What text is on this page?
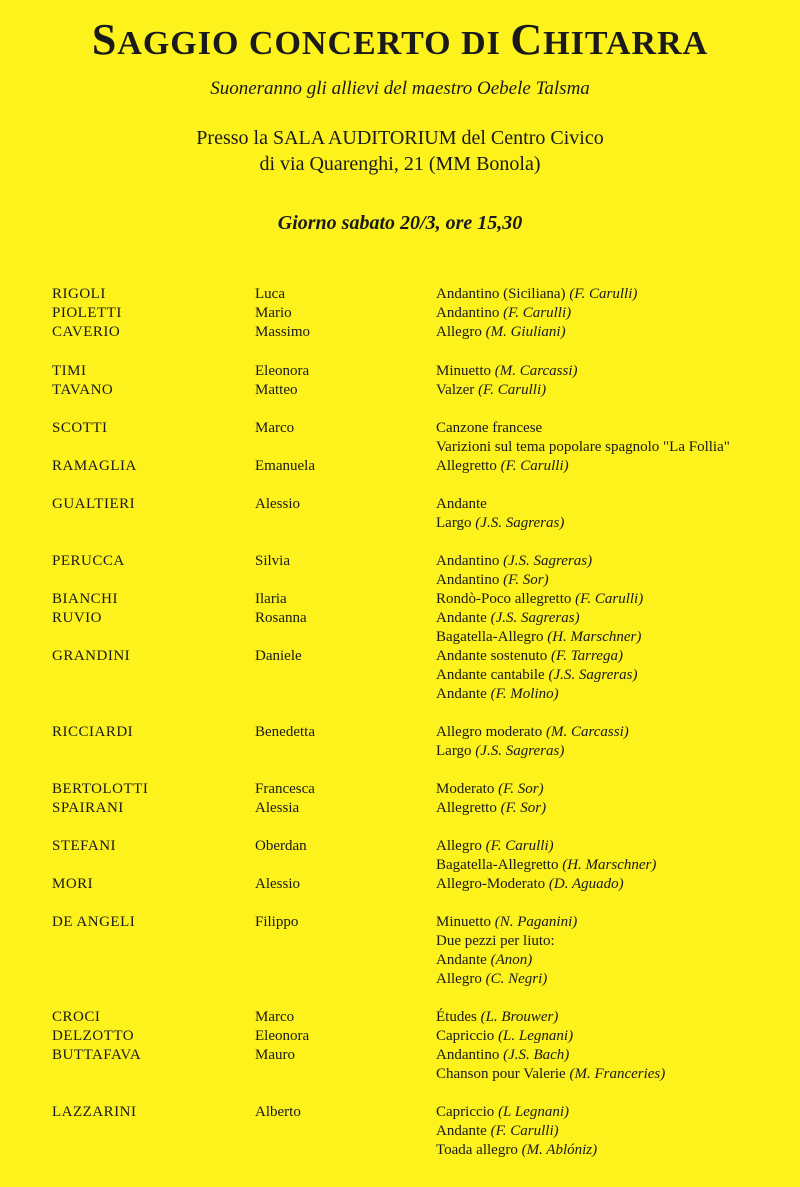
SAGGIO CONCERTO DI CHITARRA

Suoneranno gli allievi del maestro Oebele Talsma

Presso la SALA AUDITORIUM del Centro Civico
di via Quarenghi, 21 (MM Bonola)

Giorno sabato 20/3, ore 15,30

RIGOLI	Luca	Andantino (Siciliana) (F. Carulli)
PIOLETTI	Mario	Andantino (F. Carulli)
CAVERIO	Massimo	Allegro (M. Giuliani)
TIMI	Eleonora	Minuetto (M. Carcassi)
TAVANO	Matteo	Valzer (F. Carulli)
SCOTTI	Marco	Canzone francese
Varizioni sul tema popolare spagnolo "La Follia"
RAMAGLIA	Emanuela	Allegretto (F. Carulli)
GUALTIERI	Alessio	Andante
Largo (J.S. Sagreras)
PERUCCA	Silvia	Andantino (J.S. Sagreras)
Andantino (F. Sor)
BIANCHI	Ilaria	Rondò-Poco allegretto (F. Carulli)
RUVIO	Rosanna	Andante (J.S. Sagreras)
Bagatella-Allegro (H. Marschner)
GRANDINI	Daniele	Andante sostenuto (F. Tarrega)
Andante cantabile (J.S. Sagreras)
Andante (F. Molino)
RICCIARDI	Benedetta	Allegro moderato (M. Carcassi)
Largo (J.S. Sagreras)
BERTOLOTTI	Francesca	Moderato (F. Sor)
SPAIRANI	Alessia	Allegretto (F. Sor)
STEFANI	Oberdan	Allegro (F. Carulli)
Bagatella-Allegretto (H. Marschner)
MORI	Alessio	Allegro-Moderato (D. Aguado)
DE ANGELI	Filippo	Minuetto (N. Paganini)
Due pezzi per liuto:
Andante (Anon)
Allegro (C. Negri)
CROCI	Marco	Études (L. Brouwer)
DELZOTTO	Eleonora	Capriccio (L. Legnani)
BUTTAFAVA	Mauro	Andantino (J.S. Bach)
Chanson pour Valerie (M. Franceries)
LAZZARINI	Alberto	Capriccio (L Legnani)
Andante (F. Carulli)
Toada allegro (M. Ablóniz)
